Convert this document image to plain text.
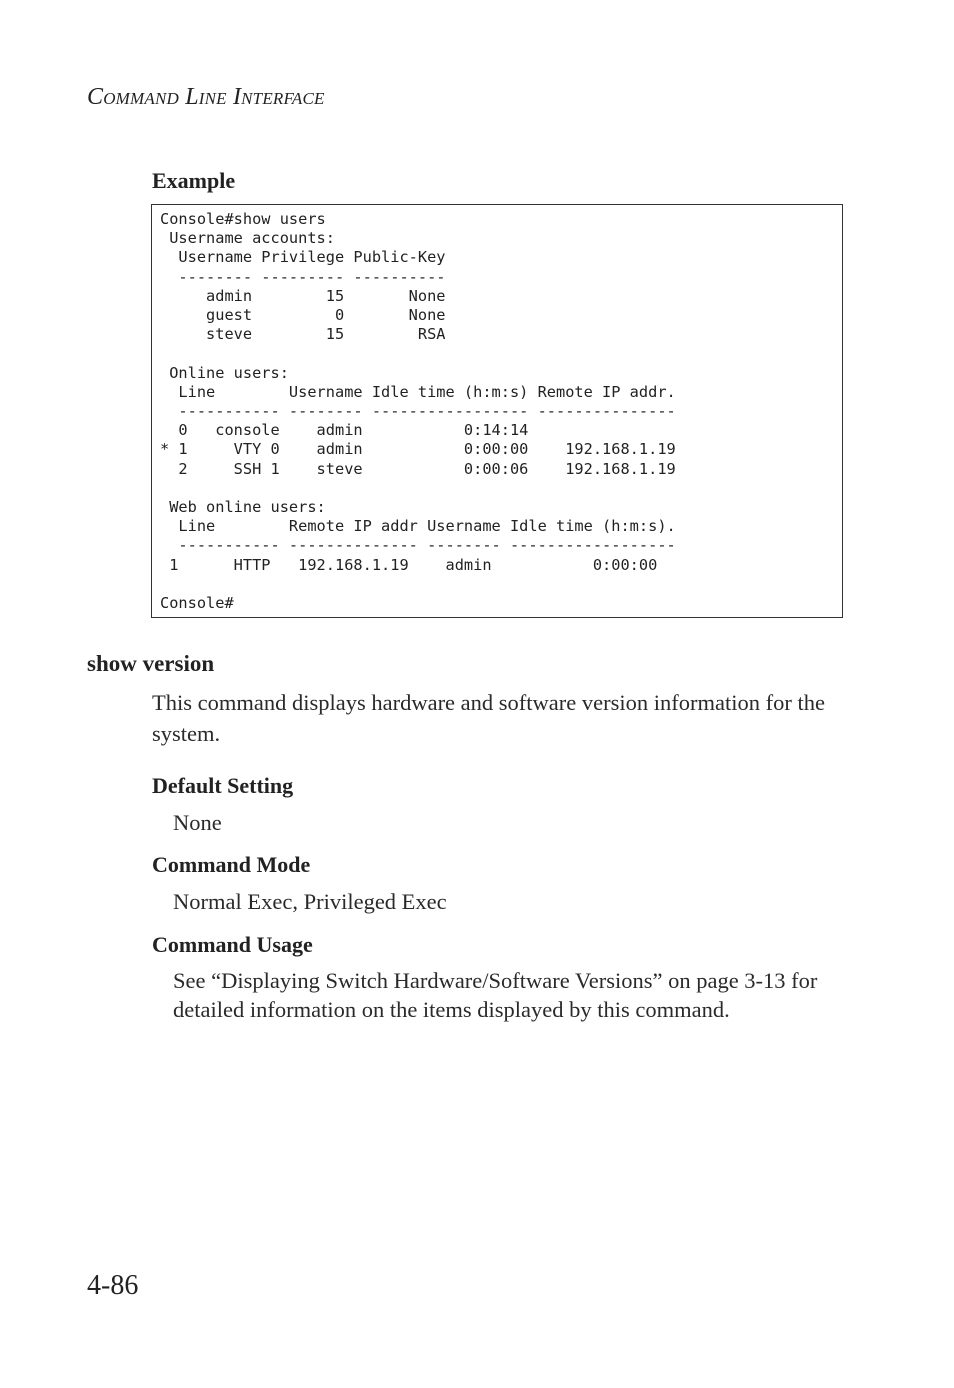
Command Line Interface
Example
Console#show users
Username accounts:
Username Privilege Public-Key
-------- --------- ----------
admin        15       None
guest         0       None
steve        15        RSA

Online users:
Line        Username Idle time (h:m:s) Remote IP addr.
----------- -------- ----------------- ---------------
0   console    admin           0:14:14
* 1     VTY 0    admin           0:00:00    192.168.1.19
2     SSH 1    steve           0:00:06    192.168.1.19

Web online users:
Line        Remote IP addr Username Idle time (h:m:s).
----------- -------------- -------- ------------------
1      HTTP   192.168.1.19    admin           0:00:00

Console#

show version
This command displays hardware and software version information for the system.
Default Setting
None
Command Mode
Normal Exec, Privileged Exec
Command Usage
See “Displaying Switch Hardware/Software Versions” on page 3-13 for detailed information on the items displayed by this command.
4-86
